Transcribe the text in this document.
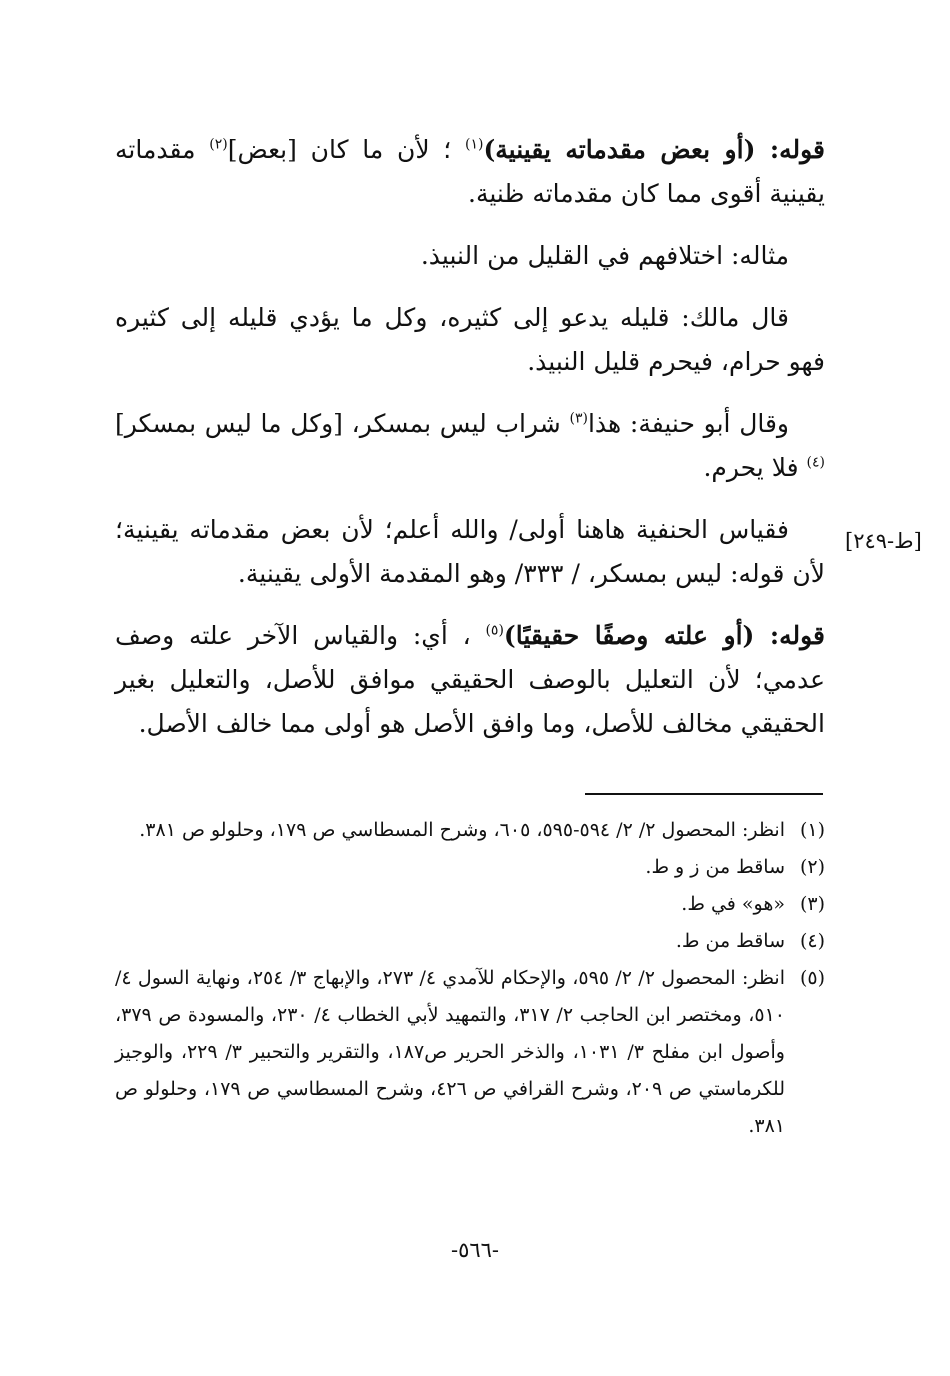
[ط-٢٤٩]

قوله: (أو بعض مقدماته يقينية)$^{(١)}$ ؛ لأن ما كان [بعض]$^{(٢)}$ مقدماته يقينية أقوى مما كان مقدماته ظنية.

مثاله: اختلافهم في القليل من النبيذ.

قال مالك: قليله يدعو إلى كثيره، وكل ما يؤدي قليله إلى كثيره فهو حرام، فيحرم قليل النبيذ.

وقال أبو حنيفة: هذا$^{(٣)}$ شراب ليس بمسكر، [وكل ما ليس بمسكر]$^{(٤)}$ فلا يحرم.

فقياس الحنفية هاهنا أولى/ والله أعلم؛ لأن بعض مقدماته يقينية؛ لأن قوله: ليس بمسكر، / ٣٣٣/ وهو المقدمة الأولى يقينية.

قوله: (أو علته وصفًا حقيقيًا)$^{(٥)}$ ، أي: والقياس الآخر علته وصف عدمي؛ لأن التعليل بالوصف الحقيقي موافق للأصل، والتعليل بغير الحقيقي مخالف للأصل، وما وافق الأصل هو أولى مما خالف الأصل.

(١)
انظر: المحصول ٢/ ٢/ ٥٩٤-٥٩٥، ٦٠٥، وشرح المسطاسي ص ١٧٩، وحلولو ص ٣٨١.
(٢)
ساقط من ز و ط.
(٣)
«هو» في ط.
(٤)
ساقط من ط.
(٥)
انظر: المحصول ٢/ ٢/ ٥٩٥، والإحكام للآمدي ٤/ ٢٧٣، والإبهاج ٣/ ٢٥٤، ونهاية السول ٤/ ٥١٠، ومختصر ابن الحاجب ٢/ ٣١٧، والتمهيد لأبي الخطاب ٤/ ٢٣٠، والمسودة ص ٣٧٩، وأصول ابن مفلح ٣/ ١٠٣١، والذخر الحرير ص١٨٧، والتقرير والتحبير ٣/ ٢٢٩، والوجيز للكرماستي ص ٢٠٩، وشرح القرافي ص ٤٢٦، وشرح المسطاسي ص ١٧٩، وحلولو ص ٣٨١.
-٥٦٦-
